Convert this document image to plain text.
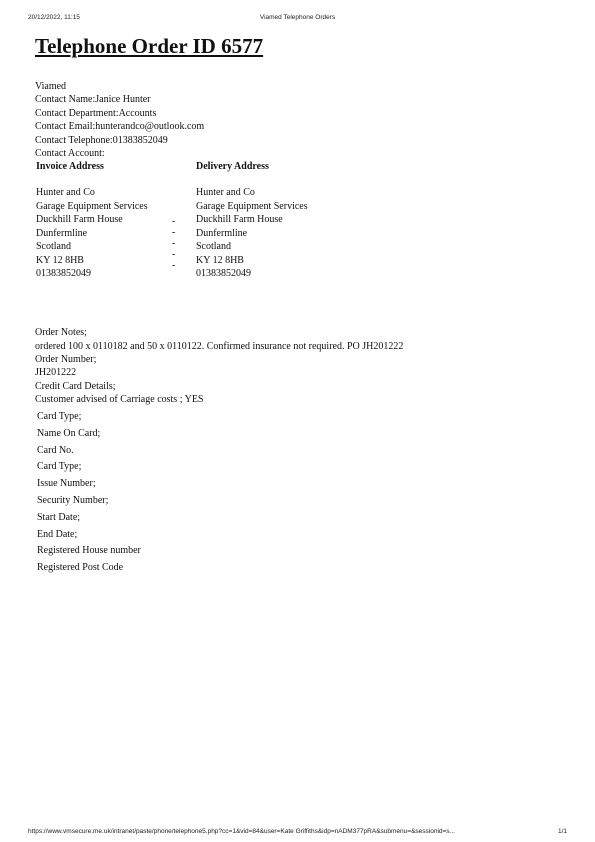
20/12/2022, 11:15	Viamed Telephone Orders
Telephone Order ID 6577
Viamed
Contact Name:Janice Hunter
Contact Department:Accounts
Contact Email:hunterandco@outlook.com
Contact Telephone:01383852049
Contact Account:
Invoice Address
Hunter and Co
Garage Equipment Services
Duckhill Farm House
Dunfermline
Scotland
KY 12 8HB
01383852049
-----
Delivery Address
Hunter and Co
Garage Equipment Services
Duckhill Farm House
Dunfermline
Scotland
KY 12 8HB
01383852049
Order Notes;
ordered 100 x 0110182 and 50 x 0110122. Confirmed insurance not required. PO JH201222
Order Number;
JH201222
Credit Card Details;
Customer advised of Carriage costs ; YES
Card Type;
Name On Card;
Card No.
Card Type;
Issue Number;
Security Number;
Start Date;
End Date;
Registered House number
Registered Post Code
https://www.vmsecure.me.uk/intranet/paste/phone/telephone5.php?cc=1&vid=84&user=Kate Griffiths&idp=nADM377pRA&submenu=&sessionid=s...	1/1
